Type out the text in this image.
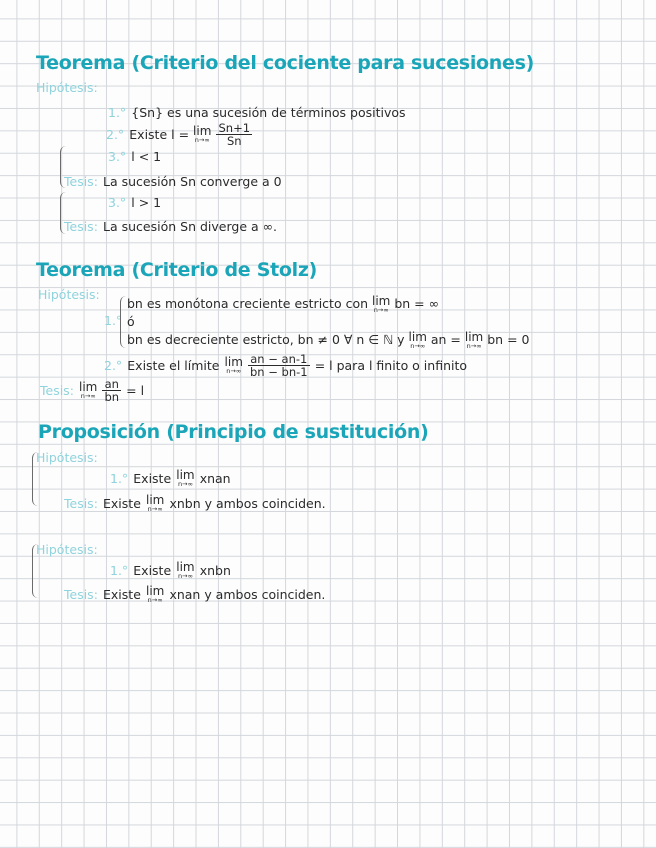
Teorema (Criterio del cociente para sucesiones)
Hipótesis:
1.° {Sn} es una sucesión de términos positivos
2.° Existe l = lim
n→∞
$\frac{Sn+1}{Sn}$
3.° l < 1
Tesis: La sucesión Sn converge a 0
3.° l > 1
Tesis: La sucesión Sn diverge a ∞.
Teorema (Criterio de Stolz)
Hipótesis:
1.°
bn es monótona creciente estricto con lim
n→∞ bn = ∞
ó
bn es decreciente estricto, bn ≠ 0 ∀ n ∈ ℕ y lim
n→∞ an = lim
n→∞ bn = 0
2.° Existe el límite lim
n→∞
$\frac{an - an-1}{bn - bn-1} = l$ para l finito o infinito
Tesis: lim
n→∞
$\frac{an}{bn} = l$
Proposición (Principio de sustitución)
Hipótesis:
1.° Existe lim
n→∞ xnan
Tesis: Existe lim
n→∞ xnbn y ambos coinciden.
Hipótesis:
1.° Existe lim
n→∞ xnbn
Tesis: Existe lim
n→∞ xnan y ambos coinciden.
